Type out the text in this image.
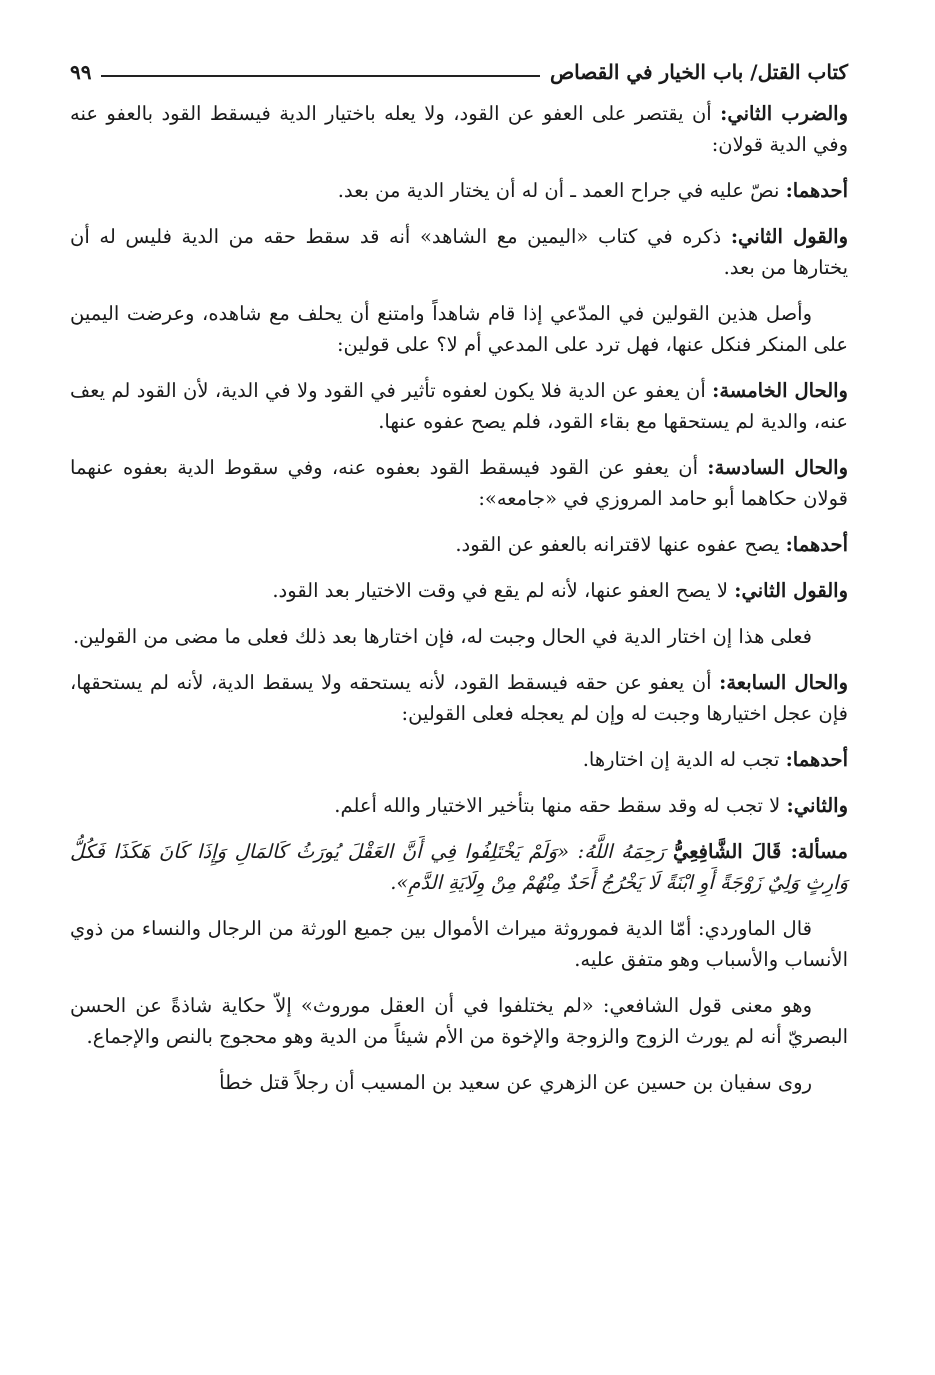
كتاب القتل/ باب الخيار في القصاص
٩٩

والضرب الثاني: أن يقتصر على العفو عن القود، ولا يعله باختيار الدية فيسقط القود بالعفو عنه وفي الدية قولان:

أحدهما: نصّ عليه في جراح العمد ـ أن له أن يختار الدية من بعد.

والقول الثاني: ذكره في كتاب «اليمين مع الشاهد» أنه قد سقط حقه من الدية فليس له أن يختارها من بعد.

وأصل هذين القولين في المدّعي إذا قام شاهداً وامتنع أن يحلف مع شاهده، وعرضت اليمين على المنكر فنكل عنها، فهل ترد على المدعي أم لا؟ على قولين:

والحال الخامسة: أن يعفو عن الدية فلا يكون لعفوه تأثير في القود ولا في الدية، لأن القود لم يعف عنه، والدية لم يستحقها مع بقاء القود، فلم يصح عفوه عنها.

والحال السادسة: أن يعفو عن القود فيسقط القود بعفوه عنه، وفي سقوط الدية بعفوه عنهما قولان حكاهما أبو حامد المروزي في «جامعه»:

أحدهما: يصح عفوه عنها لاقترانه بالعفو عن القود.

والقول الثاني: لا يصح العفو عنها، لأنه لم يقع في وقت الاختيار بعد القود.

فعلى هذا إن اختار الدية في الحال وجبت له، فإن اختارها بعد ذلك فعلى ما مضى من القولين.

والحال السابعة: أن يعفو عن حقه فيسقط القود، لأنه يستحقه ولا يسقط الدية، لأنه لم يستحقها، فإن عجل اختيارها وجبت له وإن لم يعجله فعلى القولين:

أحدهما: تجب له الدية إن اختارها.

والثاني: لا تجب له وقد سقط حقه منها بتأخير الاختيار والله أعلم.

مسألة: قَالَ الشَّافِعِيُّ رَحِمَهُ اللَّهُ: «وَلَمْ يَخْتَلِفُوا فِي أَنَّ العَقْلَ يُورَثُ كَالمَالِ وَإِذَا كَانَ هَكَذَا فَكُلُّ وَارِثٍ وَلِيٌ زَوْجَةً أَوِ ابْنَةً لَا يَخْرُجُ أَحَدٌ مِنْهُمْ مِنْ وِلَايَةِ الدَّمِ».

قال الماوردي: أمّا الدية فموروثة ميراث الأموال بين جميع الورثة من الرجال والنساء من ذوي الأنساب والأسباب وهو متفق عليه.

وهو معنى قول الشافعي: «لم يختلفوا في أن العقل موروث» إلاّ حكاية شاذةً عن الحسن البصريّ أنه لم يورث الزوج والزوجة والإخوة من الأم شيئاً من الدية وهو محجوج بالنص والإجماع.

روى سفيان بن حسين عن الزهري عن سعيد بن المسيب أن رجلاً قتل خطأ
